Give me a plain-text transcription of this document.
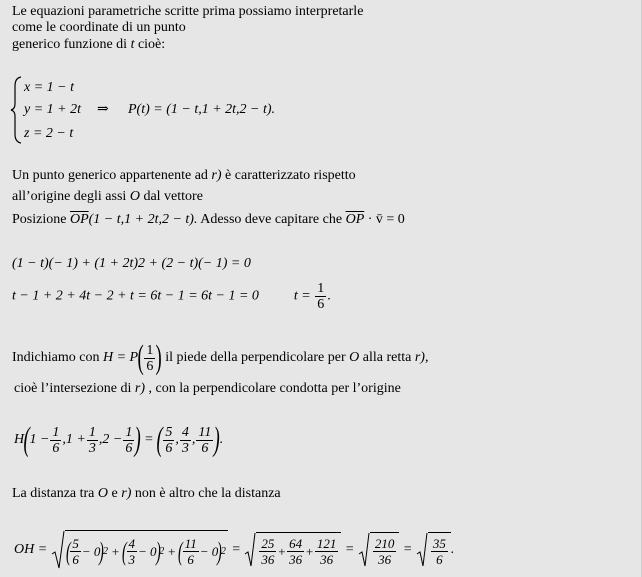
Le equazioni parametriche scritte prima possiamo interpretarle
come le coordinate di un punto
generico funzione di t cioè:
x = 1 − t
y = 1 + 2t ⇒ P(t) = (1 − t,1 + 2t,2 − t).
z = 2 − t
Un punto generico appartenente ad r) è caratterizzato rispetto
all’origine degli assi O dal vettore
Posizione $\overline{OP}(1 - t,1 + 2t,2 - t)$. Adesso deve capitare che $\overline{OP}$ · v̄ = 0
(1 − t)(− 1) + (1 + 2t)2 + (2 − t)(− 1) = 0
t − 1 + 2 + 4t − 2 + t = 6t − 1 = 6t − 1 = 0	$t = \frac{1}{6}$ .
Indichiamo con $H = P( \frac{1}{6}$ ) il piede della perpendicolare per O alla retta r),
cioè l’intersezione di r) , con la perpendicolare condotta per l’origine
$H(1 - \frac{1}{6} ,1 + \frac{1}{3} ,2 - \frac{1}{6}$ ) = ( $\frac{5}{6}$ , $\frac{4}{3}$ , $\frac{11}{6}$ ).
La distanza tra O e r) non è altro che la distanza
OH = ( $\frac{5}{6} - 0$
)
2 + ( $\frac{4}{3} - 0$
)
2 + ( $\frac{11}{6} - 0$
)
$2 = \frac{25}{36} + \frac{64}{36} + \frac{121}{36} = \frac{210}{36} = \frac{35}{6}$ .
